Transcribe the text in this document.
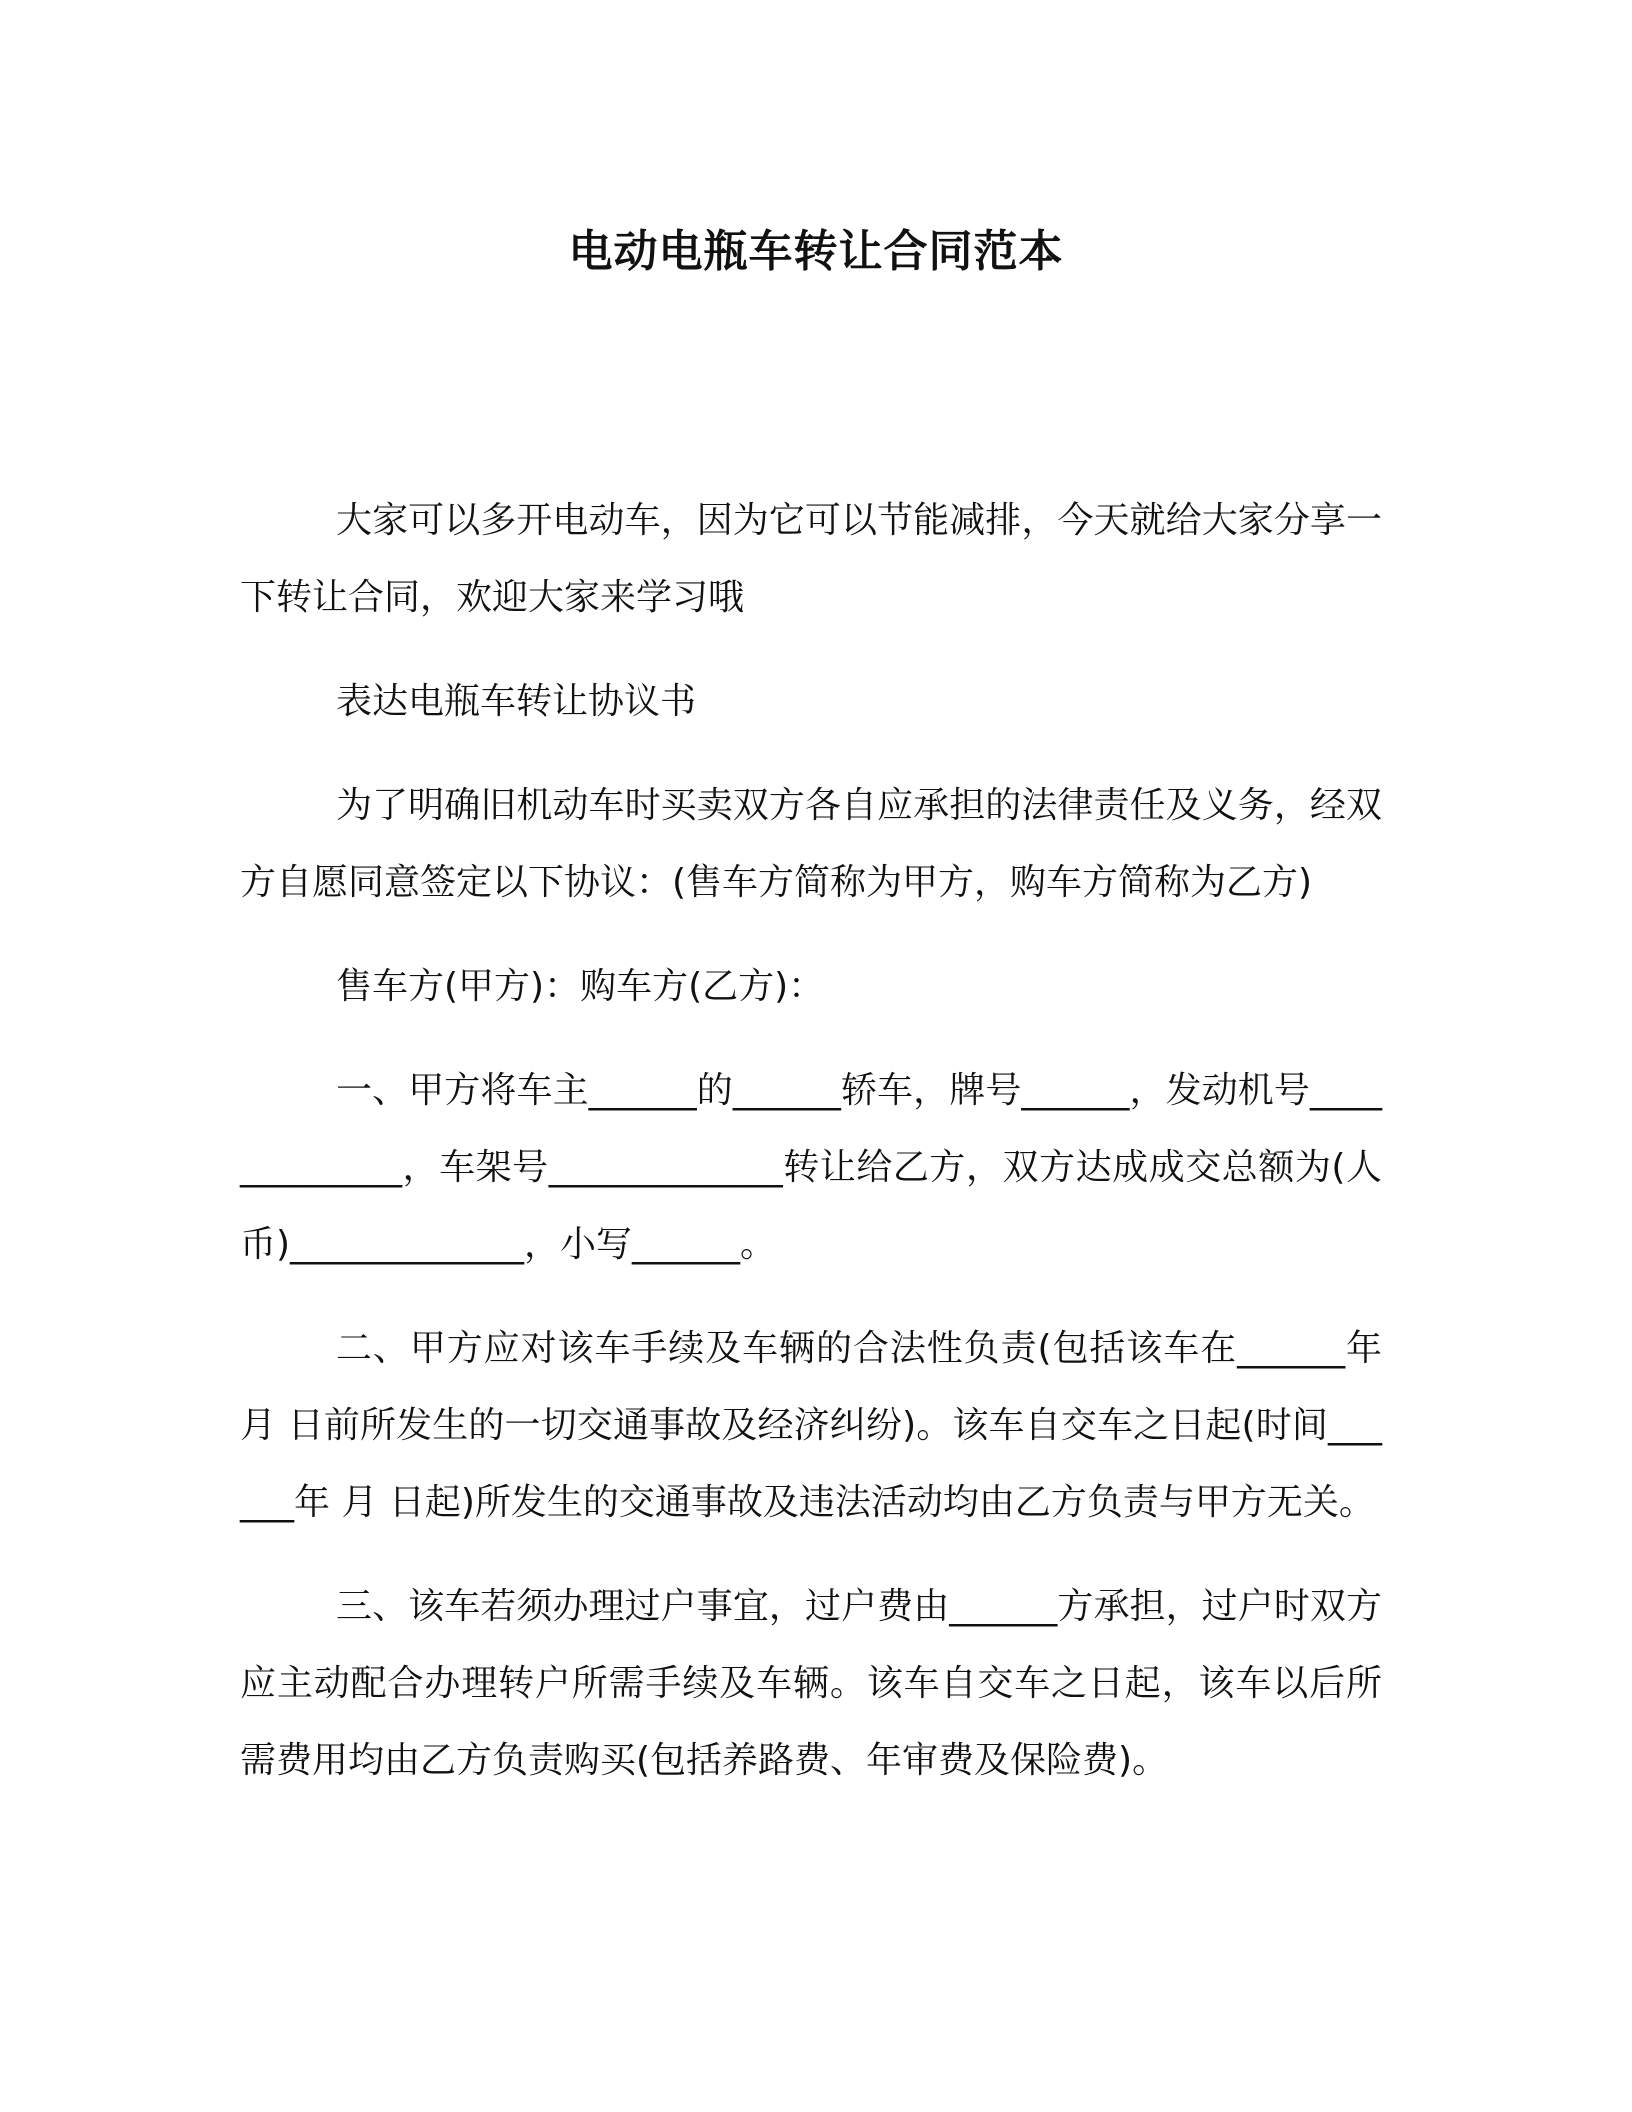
电动电瓶车转让合同范本

大家可以多开电动车，因为它可以节能减排，今天就给大家分享一下转让合同，欢迎大家来学习哦

表达电瓶车转让协议书

为了明确旧机动车时买卖双方各自应承担的法律责任及义务，经双方自愿同意签定以下协议：(售车方简称为甲方，购车方简称为乙方)

售车方(甲方)：购车方(乙方)：

一、甲方将车主______的______轿车，牌号______，发动机号_____________，车架号_____________转让给乙方，双方达成成交总额为(人币)_____________，小写______。

二、甲方应对该车手续及车辆的合法性负责(包括该车在______年 月 日前所发生的一切交通事故及经济纠纷)。该车自交车之日起(时间______年 月 日起)所发生的交通事故及违法活动均由乙方负责与甲方无关。

三、该车若须办理过户事宜，过户费由______方承担，过户时双方应主动配合办理转户所需手续及车辆。该车自交车之日起，该车以后所需费用均由乙方负责购买(包括养路费、年审费及保险费)。
